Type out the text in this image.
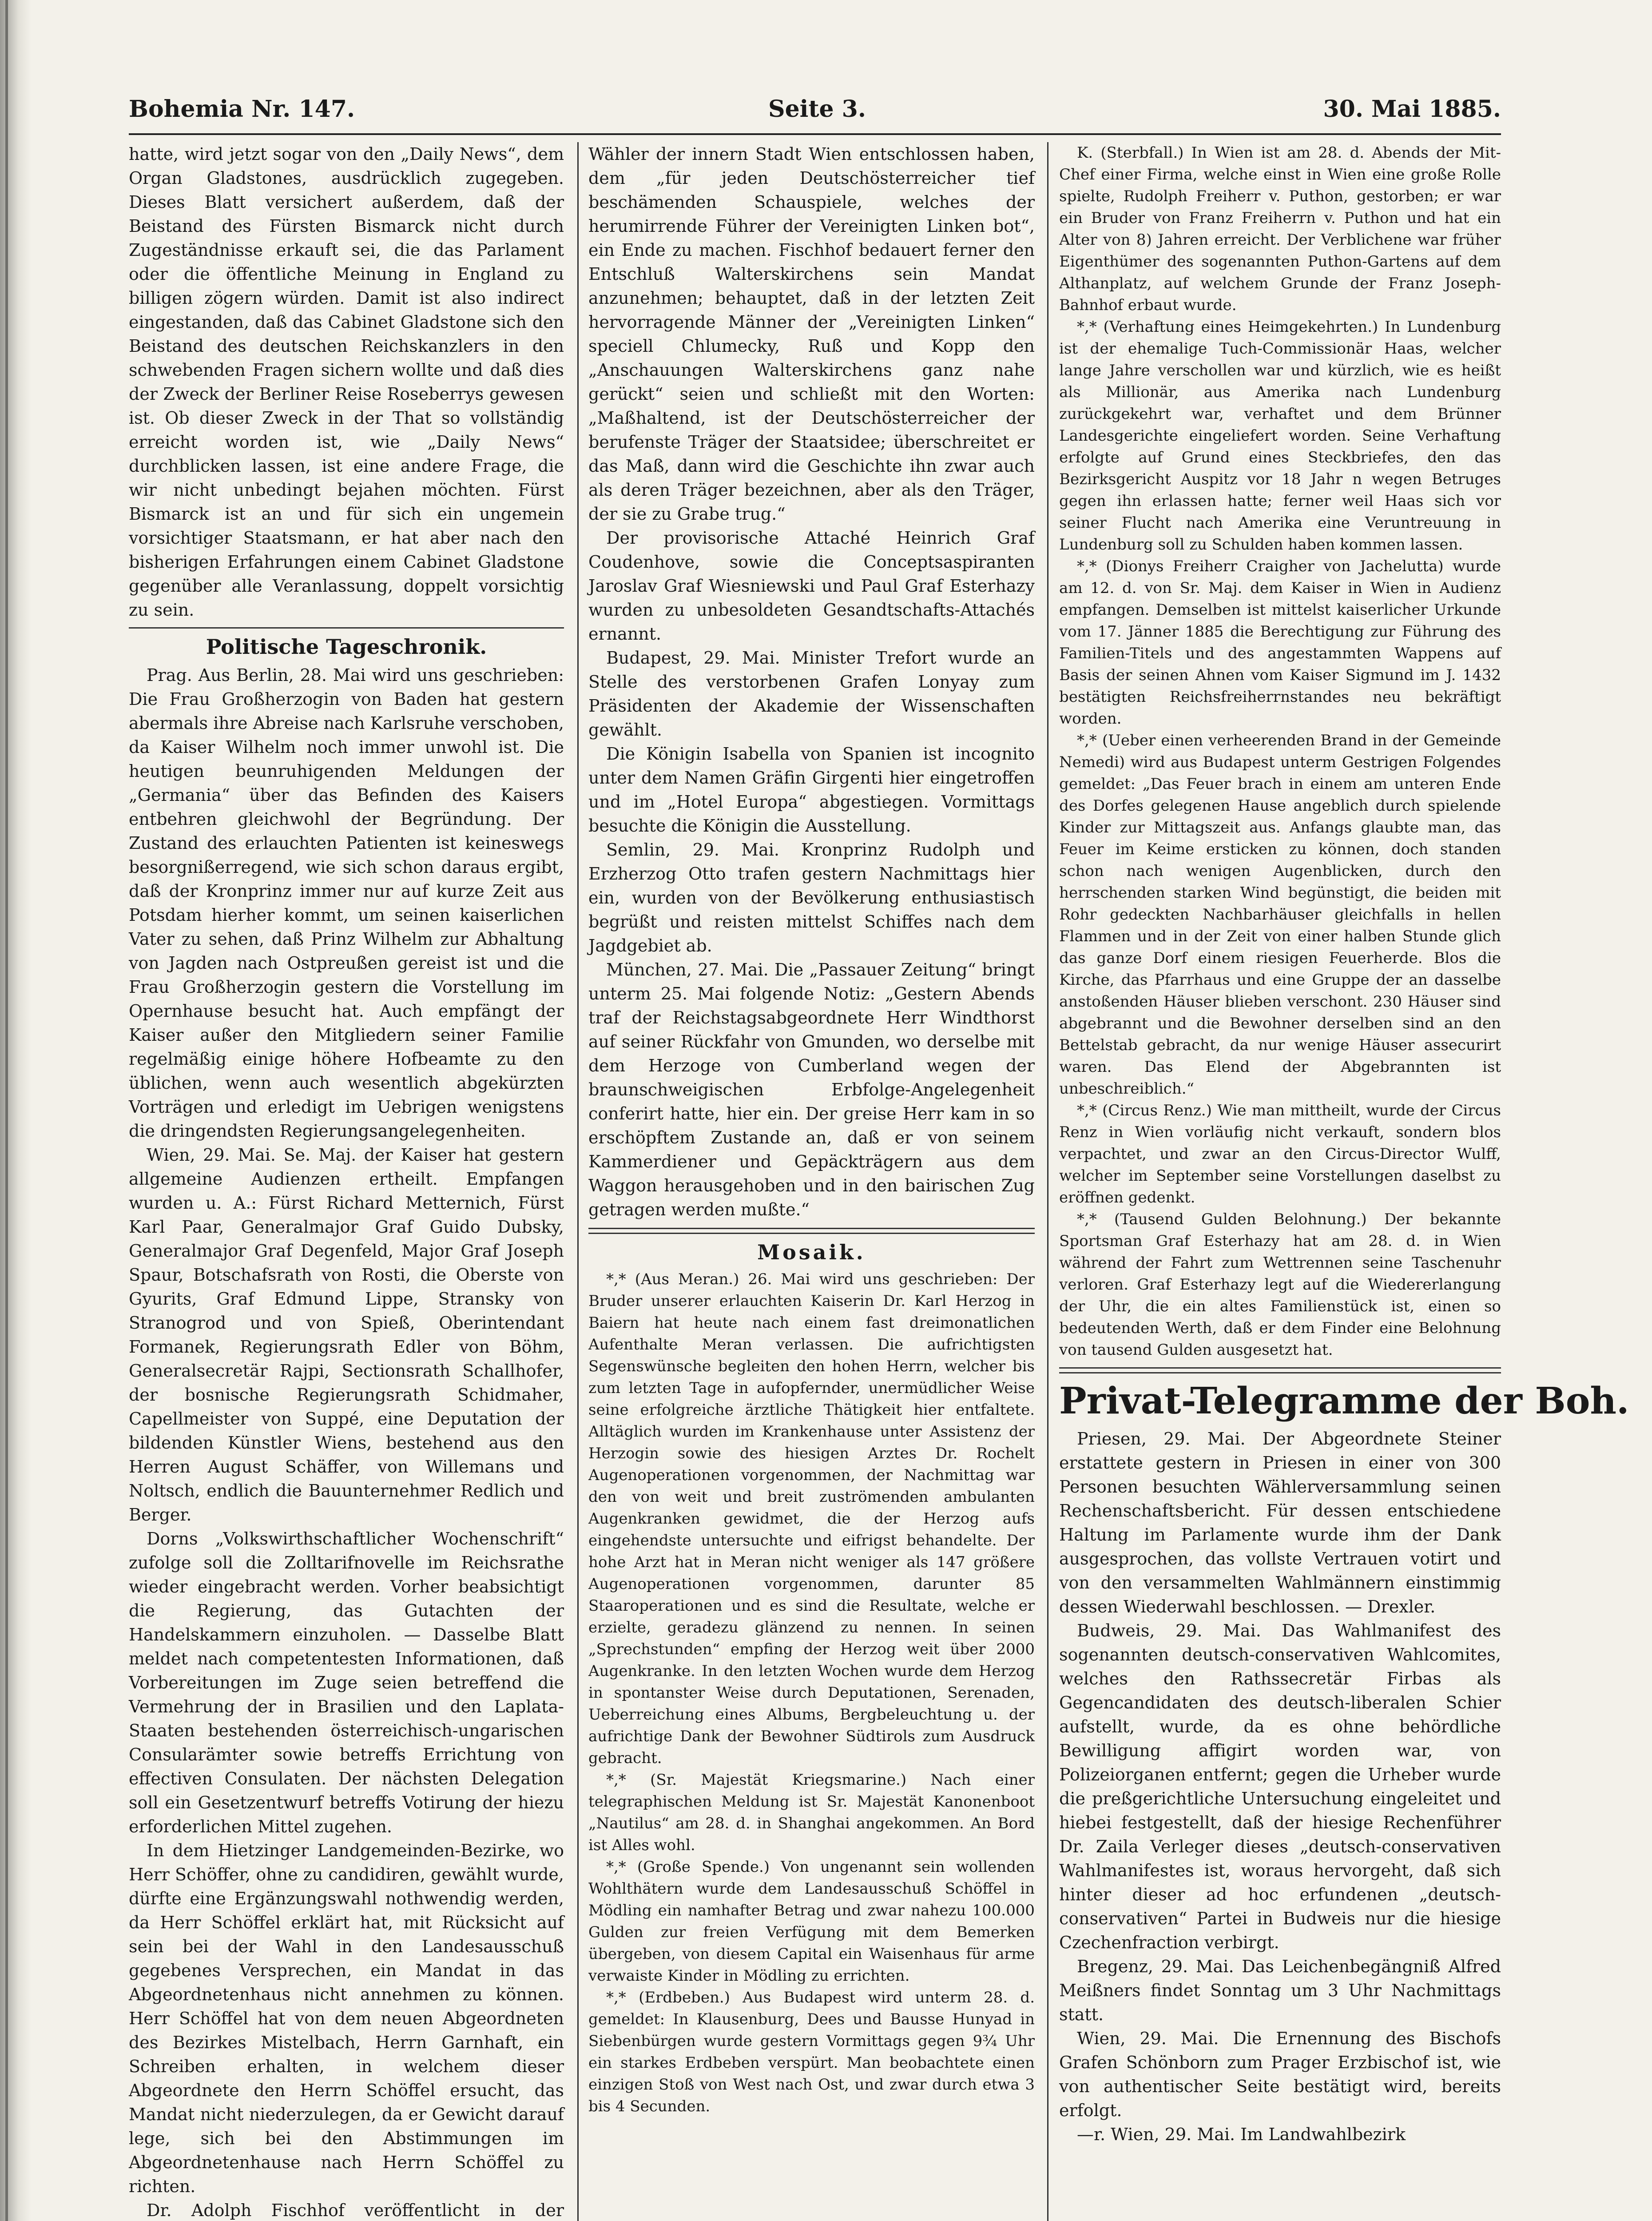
Bohemia Nr. 147.	Seite 3.	30. Mai 1885.

hatte, wird jetzt sogar von den „Daily News“, dem Organ Gladstones, ausdrücklich zugegeben. Dieses Blatt versichert außerdem, daß der Beistand des Fürsten Bismarck nicht durch Zugeständnisse erkauft sei, die das Parlament oder die öffentliche Meinung in England zu billigen zögern würden. Damit ist also indirect eingestanden, daß das Cabinet Gladstone sich den Beistand des deutschen Reichskanzlers in den schwebenden Fragen sichern wollte und daß dies der Zweck der Berliner Reise Roseberrys gewesen ist. Ob dieser Zweck in der That so vollständig erreicht worden ist, wie „Daily News“ durchblicken lassen, ist eine andere Frage, die wir nicht unbedingt bejahen möchten. Fürst Bismarck ist an und für sich ein ungemein vorsichtiger Staatsmann, er hat aber nach den bisherigen Erfahrungen einem Cabinet Gladstone gegenüber alle Veranlassung, doppelt vorsichtig zu sein.

Politische Tageschronik.

Prag. Aus Berlin, 28. Mai wird uns geschrieben: Die Frau Großherzogin von Baden hat gestern abermals ihre Abreise nach Karlsruhe verschoben, da Kaiser Wilhelm noch immer unwohl ist. Die heutigen beunruhigenden Meldungen der „Germania“ über das Befinden des Kaisers entbehren gleichwohl der Begründung. Der Zustand des erlauchten Patienten ist keineswegs besorgnißerregend, wie sich schon daraus ergibt, daß der Kronprinz immer nur auf kurze Zeit aus Potsdam hierher kommt, um seinen kaiserlichen Vater zu sehen, daß Prinz Wilhelm zur Abhaltung von Jagden nach Ostpreußen gereist ist und die Frau Großherzogin gestern die Vorstellung im Opernhause besucht hat. Auch empfängt der Kaiser außer den Mitgliedern seiner Familie regelmäßig einige höhere Hofbeamte zu den üblichen, wenn auch wesentlich abgekürzten Vorträgen und erledigt im Uebrigen wenigstens die dringendsten Regierungsangelegenheiten.

Wien, 29. Mai. Se. Maj. der Kaiser hat gestern allgemeine Audienzen ertheilt. Empfangen wurden u. A.: Fürst Richard Metternich, Fürst Karl Paar, Generalmajor Graf Guido Dubsky, Generalmajor Graf Degenfeld, Major Graf Joseph Spaur, Botschafsrath von Rosti, die Oberste von Gyurits, Graf Edmund Lippe, Stransky von Stranogrod und von Spieß, Oberintendant Formanek, Regierungsrath Edler von Böhm, Generalsecretär Rajpi, Sectionsrath Schallhofer, der bosnische Regierungsrath Schidmaher, Capellmeister von Suppé, eine Deputation der bildenden Künstler Wiens, bestehend aus den Herren August Schäffer, von Willemans und Noltsch, endlich die Bauunternehmer Redlich und Berger.

Dorns „Volkswirthschaftlicher Wochenschrift“ zufolge soll die Zolltarifnovelle im Reichsrathe wieder eingebracht werden. Vorher beabsichtigt die Regierung, das Gutachten der Handelskammern einzuholen. — Dasselbe Blatt meldet nach competentesten Informationen, daß Vorbereitungen im Zuge seien betreffend die Vermehrung der in Brasilien und den Laplata-Staaten bestehenden österreichisch-ungarischen Consularämter sowie betreffs Errichtung von effectiven Consulaten. Der nächsten Delegation soll ein Gesetzentwurf betreffs Votirung der hiezu erforderlichen Mittel zugehen.

In dem Hietzinger Landgemeinden-Bezirke, wo Herr Schöffer, ohne zu candidiren, gewählt wurde, dürfte eine Ergänzungswahl nothwendig werden, da Herr Schöffel erklärt hat, mit Rücksicht auf sein bei der Wahl in den Landesausschuß gegebenes Versprechen, ein Mandat in das Abgeordnetenhaus nicht annehmen zu können. Herr Schöffel hat von dem neuen Abgeordneten des Bezirkes Mistelbach, Herrn Garnhaft, ein Schreiben erhalten, in welchem dieser Abgeordnete den Herrn Schöffel ersucht, das Mandat nicht niederzulegen, da er Gewicht darauf lege, sich bei den Abstimmungen im Abgeordnetenhause nach Herrn Schöffel zu richten.

Dr. Adolph Fischhof veröffentlicht in der

Wähler der innern Stadt Wien entschlossen haben, dem „für jeden Deutschösterreicher tief beschämenden Schauspiele, welches der herumirrende Führer der Vereinigten Linken bot“, ein Ende zu machen. Fischhof bedauert ferner den Entschluß Walterskirchens sein Mandat anzunehmen; behauptet, daß in der letzten Zeit hervorragende Männer der „Vereinigten Linken“ speciell Chlumecky, Ruß und Kopp den „Anschauungen Walterskirchens ganz nahe gerückt“ seien und schließt mit den Worten: „Maßhaltend, ist der Deutschösterreicher der berufenste Träger der Staatsidee; überschreitet er das Maß, dann wird die Geschichte ihn zwar auch als deren Träger bezeichnen, aber als den Träger, der sie zu Grabe trug.“

Der provisorische Attaché Heinrich Graf Coudenhove, sowie die Conceptsaspiranten Jaroslav Graf Wiesniewski und Paul Graf Esterhazy wurden zu unbesoldeten Gesandtschafts-Attachés ernannt.

Budapest, 29. Mai. Minister Trefort wurde an Stelle des verstorbenen Grafen Lonyay zum Präsidenten der Akademie der Wissenschaften gewählt.

Die Königin Isabella von Spanien ist incognito unter dem Namen Gräfin Girgenti hier eingetroffen und im „Hotel Europa“ abgestiegen. Vormittags besuchte die Königin die Ausstellung.

Semlin, 29. Mai. Kronprinz Rudolph und Erzherzog Otto trafen gestern Nachmittags hier ein, wurden von der Bevölkerung enthusiastisch begrüßt und reisten mittelst Schiffes nach dem Jagdgebiet ab.

München, 27. Mai. Die „Passauer Zeitung“ bringt unterm 25. Mai folgende Notiz: „Gestern Abends traf der Reichstagsabgeordnete Herr Windthorst auf seiner Rückfahr von Gmunden, wo derselbe mit dem Herzoge von Cumberland wegen der braunschweigischen Erbfolge-Angelegenheit conferirt hatte, hier ein. Der greise Herr kam in so erschöpftem Zustande an, daß er von seinem Kammerdiener und Gepäckträgern aus dem Waggon herausgehoben und in den bairischen Zug getragen werden mußte.“

Mosaik.

*,* (Aus Meran.) 26. Mai wird uns geschrieben: Der Bruder unserer erlauchten Kaiserin Dr. Karl Herzog in Baiern hat heute nach einem fast dreimonatlichen Aufenthalte Meran verlassen. Die aufrichtigsten Segenswünsche begleiten den hohen Herrn, welcher bis zum letzten Tage in aufopfernder, unermüdlicher Weise seine erfolgreiche ärztliche Thätigkeit hier entfaltete. Alltäglich wurden im Krankenhause unter Assistenz der Herzogin sowie des hiesigen Arztes Dr. Rochelt Augenoperationen vorgenommen, der Nachmittag war den von weit und breit zuströmenden ambulanten Augenkranken gewidmet, die der Herzog aufs eingehendste untersuchte und eifrigst behandelte. Der hohe Arzt hat in Meran nicht weniger als 147 größere Augenoperationen vorgenommen, darunter 85 Staaroperationen und es sind die Resultate, welche er erzielte, geradezu glänzend zu nennen. In seinen „Sprechstunden“ empfing der Herzog weit über 2000 Augenkranke. In den letzten Wochen wurde dem Herzog in spontanster Weise durch Deputationen, Serenaden, Ueberreichung eines Albums, Bergbeleuchtung u. der aufrichtige Dank der Bewohner Südtirols zum Ausdruck gebracht.

*,* (Sr. Majestät Kriegsmarine.) Nach einer telegraphischen Meldung ist Sr. Majestät Kanonenboot „Nautilus“ am 28. d. in Shanghai angekommen. An Bord ist Alles wohl.

*,* (Große Spende.) Von ungenannt sein wollenden Wohlthätern wurde dem Landesausschuß Schöffel in Mödling ein namhafter Betrag und zwar nahezu 100.000 Gulden zur freien Verfügung mit dem Bemerken übergeben, von diesem Capital ein Waisenhaus für arme verwaiste Kinder in Mödling zu errichten.

*,* (Erdbeben.) Aus Budapest wird unterm 28. d. gemeldet: In Klausenburg, Dees und Bausse Hunyad in Siebenbürgen wurde gestern Vormittags gegen 9¾ Uhr ein starkes Erdbeben verspürt. Man beobachtete einen einzigen Stoß von West nach Ost, und zwar durch etwa 3 bis 4 Secunden.

K. (Sterbfall.) In Wien ist am 28. d. Abends der Mit-Chef einer Firma, welche einst in Wien eine große Rolle spielte, Rudolph Freiherr v. Puthon, gestorben; er war ein Bruder von Franz Freiherrn v. Puthon und hat ein Alter von 8) Jahren erreicht. Der Verblichene war früher Eigenthümer des sogenannten Puthon-Gartens auf dem Althanplatz, auf welchem Grunde der Franz Joseph-Bahnhof erbaut wurde.

*,* (Verhaftung eines Heimgekehrten.) In Lundenburg ist der ehemalige Tuch-Commissionär Haas, welcher lange Jahre verschollen war und kürzlich, wie es heißt als Millionär, aus Amerika nach Lundenburg zurückgekehrt war, verhaftet und dem Brünner Landesgerichte eingeliefert worden. Seine Verhaftung erfolgte auf Grund eines Steckbriefes, den das Bezirksgericht Auspitz vor 18 Jahr n wegen Betruges gegen ihn erlassen hatte; ferner weil Haas sich vor seiner Flucht nach Amerika eine Veruntreuung in Lundenburg soll zu Schulden haben kommen lassen.

*,* (Dionys Freiherr Craigher von Jachelutta) wurde am 12. d. von Sr. Maj. dem Kaiser in Wien in Audienz empfangen. Demselben ist mittelst kaiserlicher Urkunde vom 17. Jänner 1885 die Berechtigung zur Führung des Familien-Titels und des angestammten Wappens auf Basis der seinen Ahnen vom Kaiser Sigmund im J. 1432 bestätigten Reichsfreiherrnstandes neu bekräftigt worden.

*,* (Ueber einen verheerenden Brand in der Gemeinde Nemedi) wird aus Budapest unterm Gestrigen Folgendes gemeldet: „Das Feuer brach in einem am unteren Ende des Dorfes gelegenen Hause angeblich durch spielende Kinder zur Mittagszeit aus. Anfangs glaubte man, das Feuer im Keime ersticken zu können, doch standen schon nach wenigen Augenblicken, durch den herrschenden starken Wind begünstigt, die beiden mit Rohr gedeckten Nachbarhäuser gleichfalls in hellen Flammen und in der Zeit von einer halben Stunde glich das ganze Dorf einem riesigen Feuerherde. Blos die Kirche, das Pfarrhaus und eine Gruppe der an dasselbe anstoßenden Häuser blieben verschont. 230 Häuser sind abgebrannt und die Bewohner derselben sind an den Bettelstab gebracht, da nur wenige Häuser assecurirt waren. Das Elend der Abgebrannten ist unbeschreiblich.“

*,* (Circus Renz.) Wie man mittheilt, wurde der Circus Renz in Wien vorläufig nicht verkauft, sondern blos verpachtet, und zwar an den Circus-Director Wulff, welcher im September seine Vorstellungen daselbst zu eröffnen gedenkt.

*,* (Tausend Gulden Belohnung.) Der bekannte Sportsman Graf Esterhazy hat am 28. d. in Wien während der Fahrt zum Wettrennen seine Taschenuhr verloren. Graf Esterhazy legt auf die Wiedererlangung der Uhr, die ein altes Familienstück ist, einen so bedeutenden Werth, daß er dem Finder eine Belohnung von tausend Gulden ausgesetzt hat.

Privat-Telegramme der Boh.

Priesen, 29. Mai. Der Abgeordnete Steiner erstattete gestern in Priesen in einer von 300 Personen besuchten Wählerversammlung seinen Rechenschaftsbericht. Für dessen entschiedene Haltung im Parlamente wurde ihm der Dank ausgesprochen, das vollste Vertrauen votirt und von den versammelten Wahlmännern einstimmig dessen Wiederwahl beschlossen. — Drexler.

Budweis, 29. Mai. Das Wahlmanifest des sogenannten deutsch-conservativen Wahlcomites, welches den Rathssecretär Firbas als Gegencandidaten des deutsch-liberalen Schier aufstellt, wurde, da es ohne behördliche Bewilligung affigirt worden war, von Polizeiorganen entfernt; gegen die Urheber wurde die preßgerichtliche Untersuchung eingeleitet und hiebei festgestellt, daß der hiesige Rechenführer Dr. Zaila Verleger dieses „deutsch-conservativen Wahlmanifestes ist, woraus hervorgeht, daß sich hinter dieser ad hoc erfundenen „deutsch-conservativen“ Partei in Budweis nur die hiesige Czechenfraction verbirgt.

Bregenz, 29. Mai. Das Leichenbegängniß Alfred Meißners findet Sonntag um 3 Uhr Nachmittags statt.

Wien, 29. Mai. Die Ernennung des Bischofs Grafen Schönborn zum Prager Erzbischof ist, wie von authentischer Seite bestätigt wird, bereits erfolgt.

—r. Wien, 29. Mai. Im Landwahlbezirk
